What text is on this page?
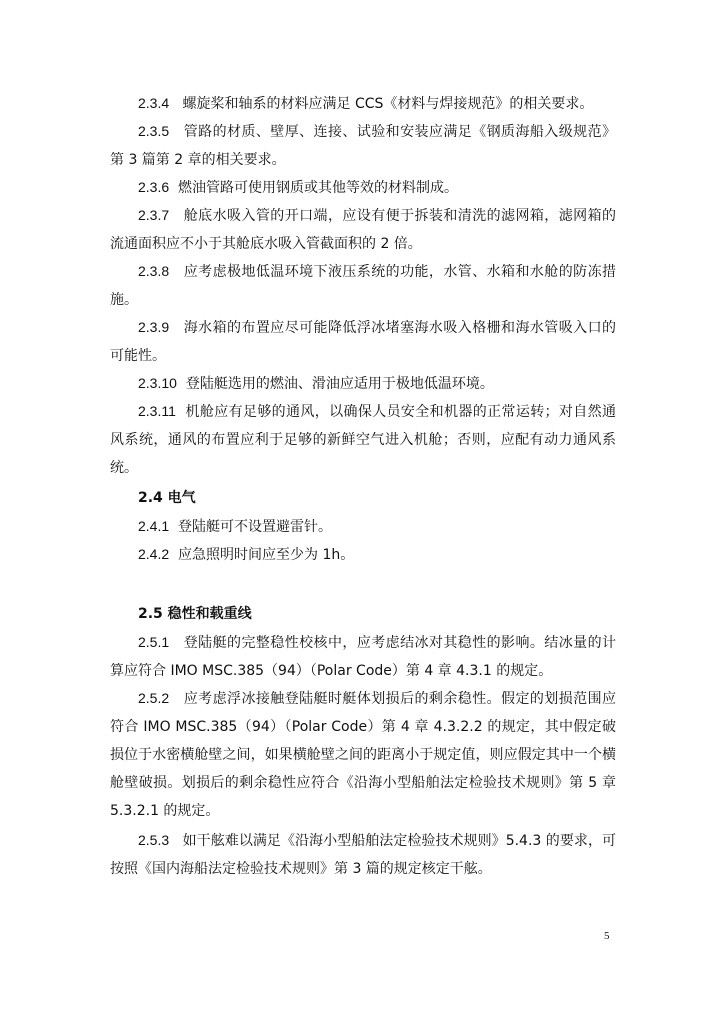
2.3.4 螺旋桨和轴系的材料应满足 CCS《材料与焊接规范》的相关要求。
2.3.5 管路的材质、壁厚、连接、试验和安装应满足《钢质海船入级规范》第 3 篇第 2 章的相关要求。
2.3.6 燃油管路可使用钢质或其他等效的材料制成。
2.3.7 舱底水吸入管的开口端，应设有便于拆装和清洗的滤网箱，滤网箱的流通面积应不小于其舱底水吸入管截面积的 2 倍。
2.3.8 应考虑极地低温环境下液压系统的功能，水管、水箱和水舱的防冻措施。
2.3.9 海水箱的布置应尽可能降低浮冰堵塞海水吸入格栅和海水管吸入口的可能性。
2.3.10 登陆艇选用的燃油、滑油应适用于极地低温环境。
2.3.11 机舱应有足够的通风，以确保人员安全和机器的正常运转；对自然通风系统，通风的布置应利于足够的新鲜空气进入机舱；否则，应配有动力通风系统。
2.4 电气
2.4.1 登陆艇可不设置避雷针。
2.4.2 应急照明时间应至少为 1h。
2.5 稳性和载重线
2.5.1 登陆艇的完整稳性校核中，应考虑结冰对其稳性的影响。结冰量的计算应符合 IMO MSC.385（94）（Polar Code）第 4 章 4.3.1 的规定。
2.5.2 应考虑浮冰接触登陆艇时艇体划损后的剩余稳性。假定的划损范围应符合 IMO MSC.385（94）（Polar Code）第 4 章 4.3.2.2 的规定，其中假定破损位于水密横舱壁之间，如果横舱壁之间的距离小于规定值，则应假定其中一个横舱壁破损。划损后的剩余稳性应符合《沿海小型船舶法定检验技术规则》第 5 章 5.3.2.1 的规定。
2.5.3 如干舷难以满足《沿海小型船舶法定检验技术规则》5.4.3 的要求，可按照《国内海船法定检验技术规则》第 3 篇的规定核定干舷。
5
